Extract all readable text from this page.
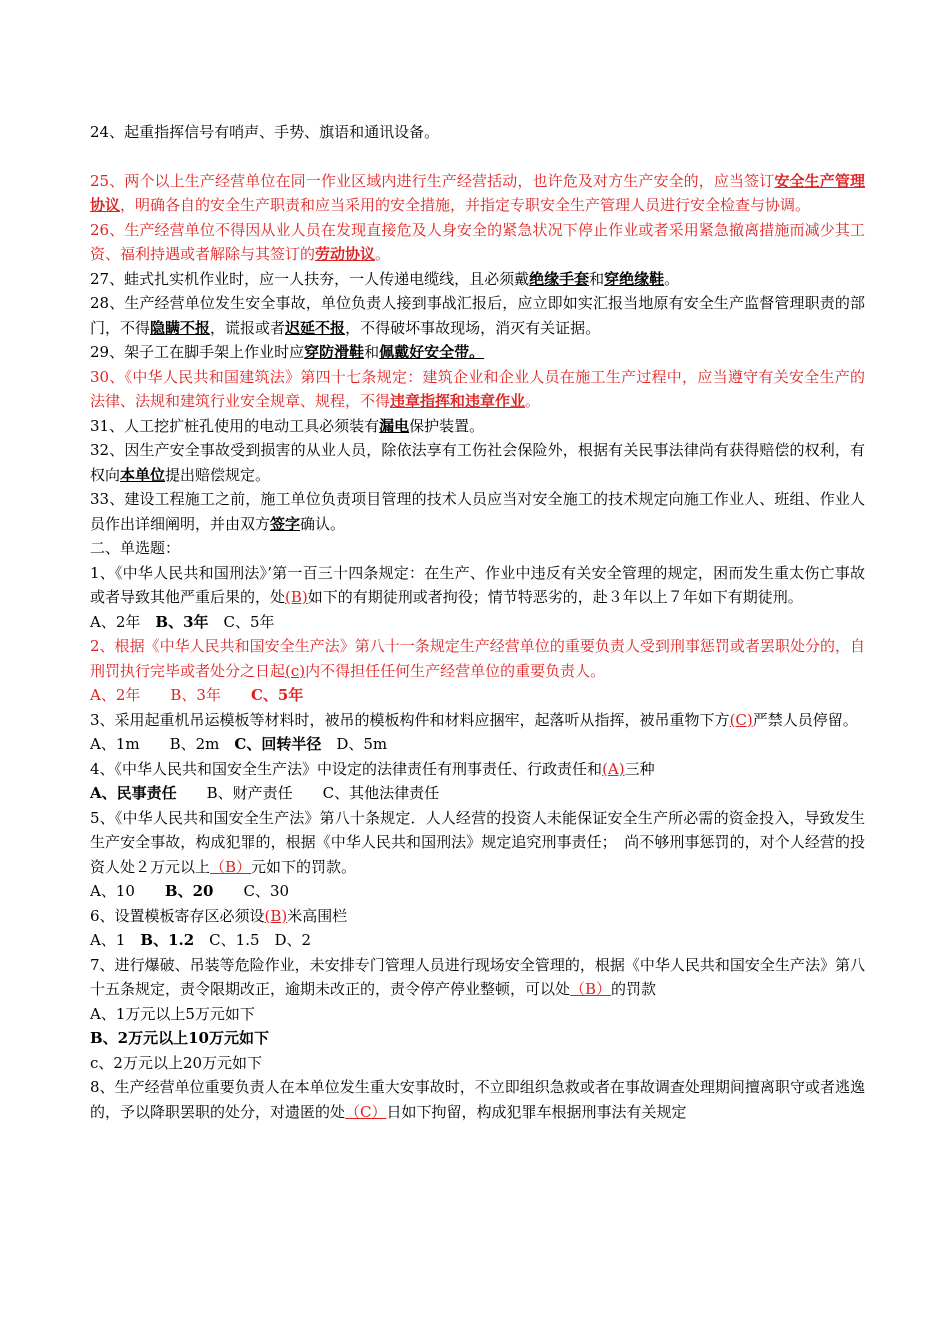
24、起重指挥信号有哨声、手势、旗语和通讯设备。

25、两个以上生产经营单位在同一作业区域内进行生产经营括动，也许危及对方生产安全的，应当签订安全生产管理协议，明确各自的安全生产职责和应当采用的安全措施，并指定专职安全生产管理人员进行安全检查与协调。

26、生产经营单位不得因从业人员在发现直接危及人身安全的紧急状况下停止作业或者采用紧急撤离措施而减少其工资、福利持遇或者解除与其签订的劳动协议。

27、蛙式扎实机作业时，应一人扶夯，一人传递电缆线，且必须戴绝缘手套和穿绝缘鞋。

28、生产经营单位发生安全事故，单位负责人接到事战汇报后，应立即如实汇报当地原有安全生产监督管理职责的部门，不得隐瞒不报，谎报或者迟延不报，不得破坏事故现场，消灭有关证据。

29、架子工在脚手架上作业时应穿防滑鞋和佩戴好安全带。

30、《中华人民共和国建筑法》第四十七条规定：建筑企业和企业人员在施工生产过程中，应当遵守有关安全生产的法律、法规和建筑行业安全规章、规程，不得违章指挥和违章作业。

31、人工挖扩桩孔使用的电动工具必须装有漏电保护装置。

32、因生产安全事故受到损害的从业人员，除依法享有工伤社会保险外，根据有关民事法律尚有获得赔偿的权利，有权向本单位提出赔偿规定。

33、建设工程施工之前，施工单位负责项目管理的技术人员应当对安全施工的技术规定向施工作业人、班组、作业人员作出详细阐明，并由双方签字确认。

二、单选题：

1、《中华人民共和国刑法》’第一百三十四条规定：在生产、作业中违反有关安全管理的规定，困而发生重太伤亡事故或者导致其他严重后果的，处(B)如下的有期徒刑或者拘役；情节特恶劣的，赴３年以上７年如下有期徒刑。

A、2年　B、3年　C、5年

2、根据《中华人民共和国安全生产法》第八十一条规定生产经营单位的重要负责人受到刑事惩罚或者罢职处分的，自刑罚执行完毕或者处分之日起(c)内不得担任任何生产经营单位的重要负责人。

A、2年　　B、3年　　C、5年

3、采用起重机吊运模板等材料时，被吊的模板构件和材料应捆牢，起落听从指挥，被吊重物下方(C)严禁人员停留。

A、1m　　B、2m　C、回转半径　D、5m

4、《中华人民共和国安全生产法》中设定的法律责任有刑事责任、行政责任和(A)三种

A、民事责任　　B、财产责任　　C、其他法律责任

5、《中华人民共和国安全生产法》第八十条规定．人人经营的投资人未能保证安全生产所必需的资金投入，导致发生生产安全事故，构成犯罪的，根据《中华人民共和国刑法》规定追究刑事责任；　尚不够刑事惩罚的，对个人经营的投资人处２万元以上（B）元如下的罚款。

A、10　　B、20　　C、30

6、设置模板寄存区必须设(B)米高围栏

A、1　B、1.2　C、1.5　D、2

7、进行爆破、吊装等危险作业，未安排专门管理人员进行现场安全管理的，根据《中华人民共和国安全生产法》第八十五条规定，责令限期改正，逾期未改正的，责令停产停业整顿，可以处（B）的罚款

A、1万元以上5万元如下

B、2万元以上10万元如下

c、2万元以上20万元如下

8、生产经营单位重要负责人在本单位发生重大安事故时，不立即组织急救或者在事故调查处理期间擅离职守或者逃逸的，予以降职罢职的处分，对遗匿的处（C）日如下拘留，构成犯罪车根据刑事法有关规定
